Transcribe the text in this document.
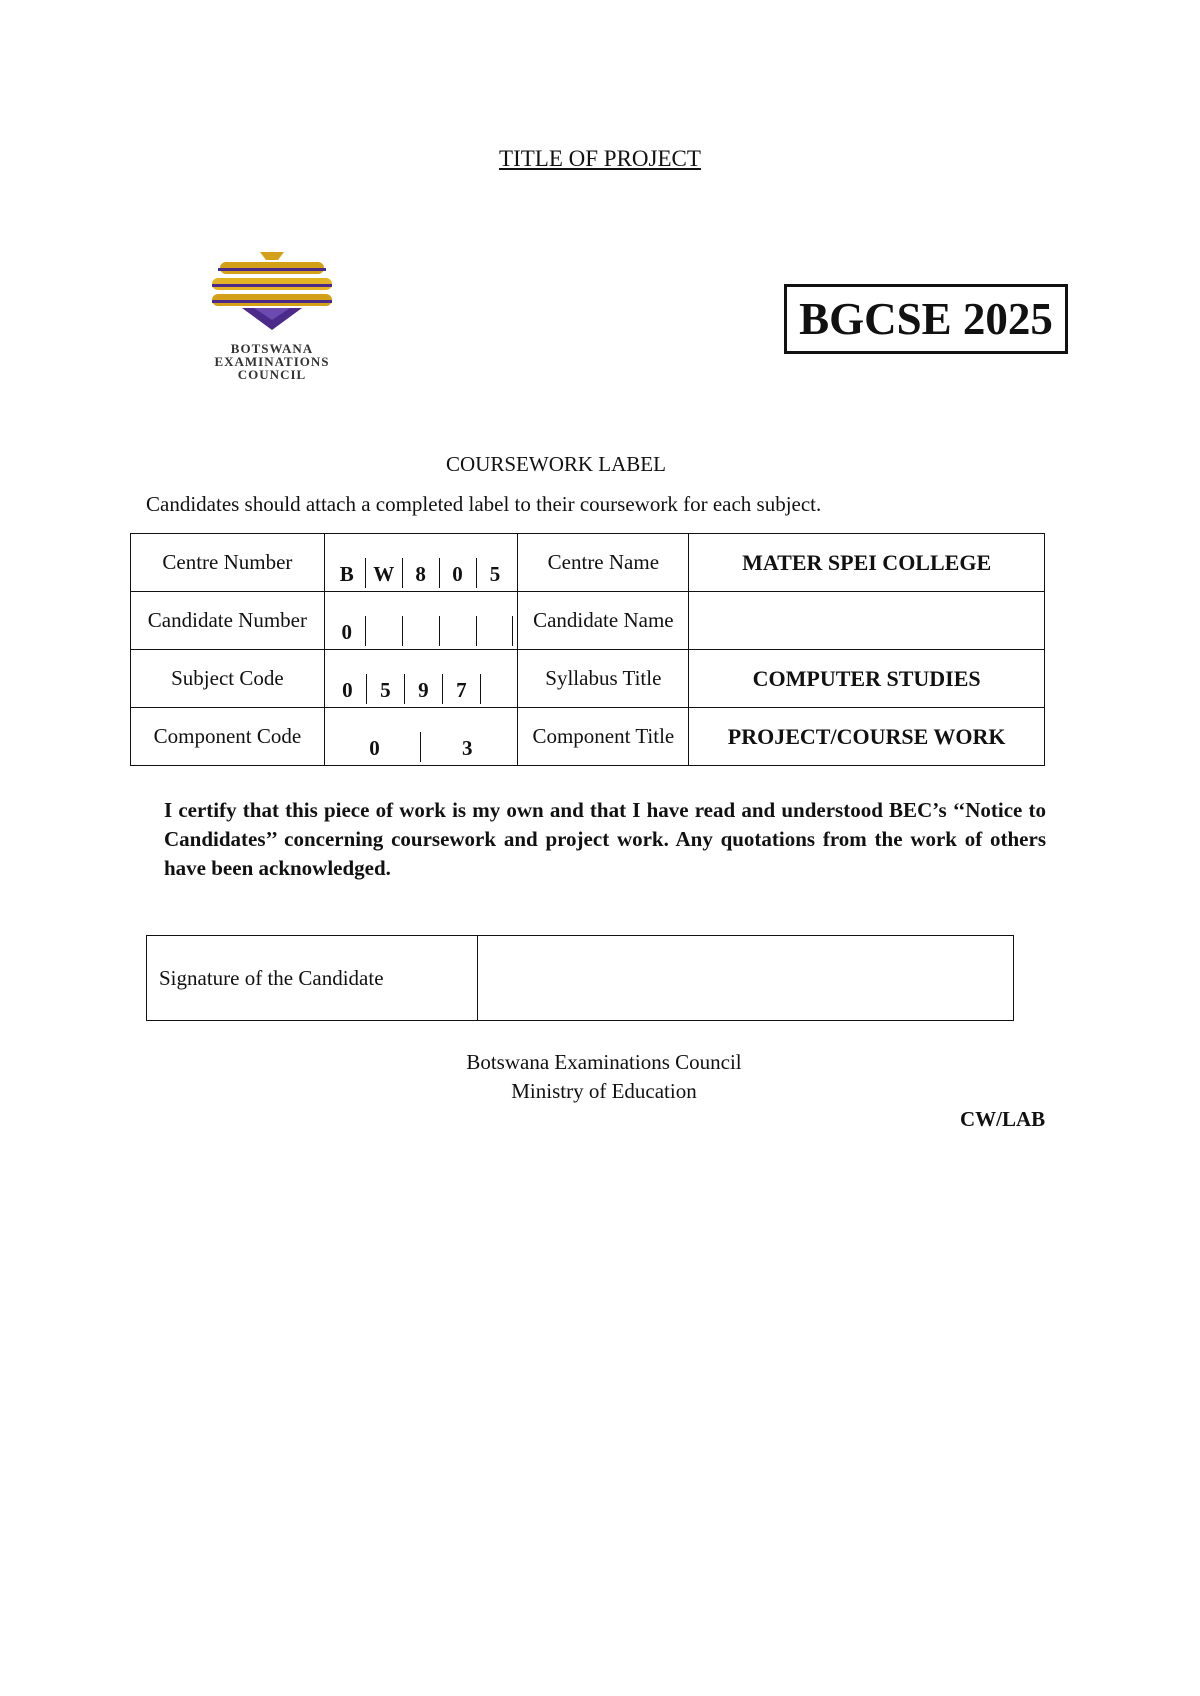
TITLE OF PROJECT
BOTSWANA
EXAMINATIONS
COUNCIL
BGCSE 2025
COURSEWORK LABEL
Candidates should attach a completed label to their coursework for each subject.
Centre Number	B W 8 0 5	Centre Name	MATER SPEI COLLEGE
Candidate Number	0	Candidate Name	
Subject Code	0 5 9 7	Syllabus Title	COMPUTER STUDIES
Component Code	0 3	Component Title	PROJECT/COURSE WORK
I certify that this piece of work is my own and that I have read and understood BEC’s ‘‘Notice to Candidates’’ concerning coursework and project work. Any quotations from the work of others have been acknowledged.
Signature of the Candidate	
Botswana Examinations Council
Ministry of Education
CW/LAB
